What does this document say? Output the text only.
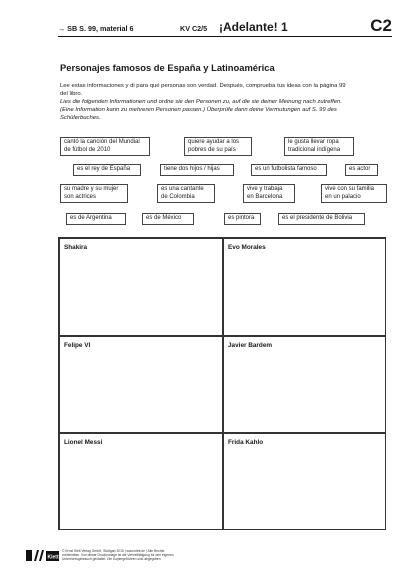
→ SB S. 99, material 6	KV C2/5 ¡Adelante! 1	C2
Personajes famosos de España y Latinoamérica
Lee estas informaciones y di para qué personas son verdad. Después, comprueba tus ideas con la página 99
del libro.
Lies die folgenden Informationen und ordne sie den Personen zu, auf die sie deiner Meinung nach zutreffen.
(Eine Information kann zu mehreren Personen passen.) Überprüfe dann deine Vermutungen auf S. 99 des
Schülerbuches.
cantó la canción del Mundial
de fútbol de 2010
quiere ayudar a los
pobres de su país
le gusta llevar ropa
tradicional indígena
es el rey de España	tiene dos hijos / hijas	es un futbolista famoso	es actor
su madre y su mujer
son actrices
es una cantante
de Colombia
vive y trabaja
en Barcelona
vive con su familia
en un palacio
es de Argentina	es de México	es pintora	es el presidente de Bolivia
Shakira	Evo Morales
Felipe VI	Javier Bardem
Lionel Messi	Frida Kahlo
Klett
© Ernst Klett Verlag GmbH, Stuttgart 2015 | www.klett.de | Alle Rechte
vorbehalten. Von dieser Druckvorlage ist die Vervielfältigung für den eigenen
Unterrichtsgebrauch gestattet. Die Kopiergebühren sind abgegolten.
